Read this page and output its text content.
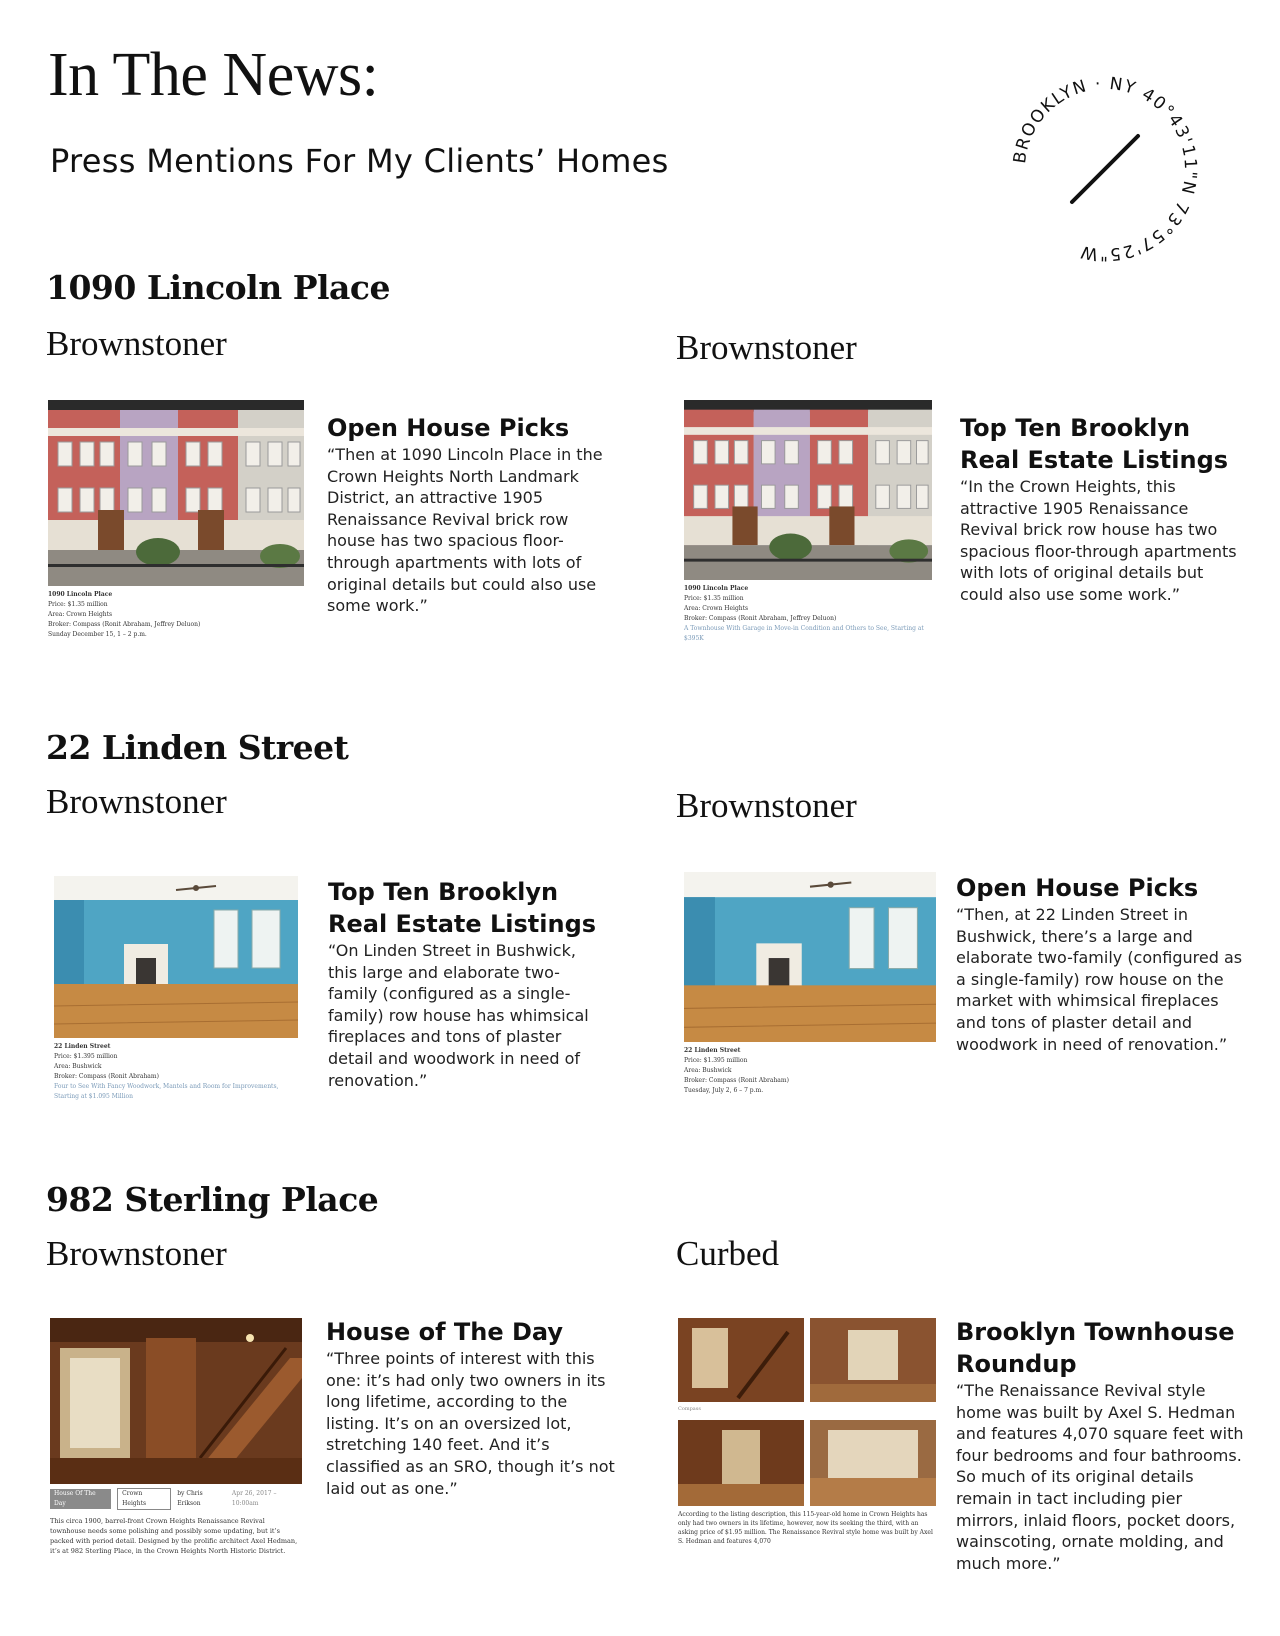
In The News:
Press Mentions For My Clients’ Homes	BROOKLYN · NY 40°43'11"N 73°57'25"W
1090 Lincoln Place
Brownstoner
1090 Lincoln Place
Price: $1.35 million
Area: Crown Heights
Broker: Compass (Ronit Abraham, Jeffrey Deluon)
Sunday December 15, 1 – 2 p.m.
Open House Picks
“Then at 1090 Lincoln Place in the Crown Heights North Landmark District, an attractive 1905 Renaissance Revival brick row house has two spacious floor-through apartments with lots of original details but could also use some work.”
Brownstoner
1090 Lincoln Place
Price: $1.35 million
Area: Crown Heights
Broker: Compass (Ronit Abraham, Jeffrey Deluon)
A Townhouse With Garage in Move-in Condition and Others to See, Starting at $395K
Top Ten Brooklyn Real Estate Listings
“In the Crown Heights, this attractive 1905 Renaissance Revival brick row house has two spacious floor-through apartments with lots of original details but could also use some work.”
22 Linden Street
Brownstoner
22 Linden Street
Price: $1.395 million
Area: Bushwick
Broker: Compass (Ronit Abraham)
Four to See With Fancy Woodwork, Mantels and Room for Improvements, Starting at $1.095 Million
Top Ten Brooklyn Real Estate Listings
“On Linden Street in Bushwick, this large and elaborate two-family (configured as a single-family) row house has whimsical fireplaces and tons of plaster detail and woodwork in need of renovation.”
Brownstoner
22 Linden Street
Price: $1.395 million
Area: Bushwick
Broker: Compass (Ronit Abraham)
Tuesday, July 2, 6 – 7 p.m.
Open House Picks
“Then, at 22 Linden Street in Bushwick, there’s a large and elaborate two-family (configured as a single-family) row house on the market with whimsical fireplaces and tons of plaster detail and woodwork in need of renovation.”
982 Sterling Place
Brownstoner
House Of The Day
Crown Heights
by Chris Erikson
Apr 26, 2017 – 10:00am
This circa 1900, barrel-front Crown Heights Renaissance Revival townhouse needs some polishing and possibly some updating, but it’s packed with period detail. Designed by the prolific architect Axel Hedman, it’s at 982 Sterling Place, in the Crown Heights North Historic District.
House of The Day
“Three points of interest with this one: it’s had only two owners in its long lifetime, according to the listing. It’s on an oversized lot, stretching 140 feet. And it’s classified as an SRO, though it’s not laid out as one.”
Curbed
Compass
According to the listing description, this 115-year-old home in Crown Heights has only had two owners in its lifetime, however, now its seeking the third, with an asking price of $1.95 million. The Renaissance Revival style home was built by Axel S. Hedman and features 4,070
Brooklyn Townhouse Roundup
“The Renaissance Revival style home was built by Axel S. Hedman and features 4,070 square feet with four bedrooms and four bathrooms. So much of its original details remain in tact including pier mirrors, inlaid floors, pocket doors, wainscoting, ornate molding, and much more.”
